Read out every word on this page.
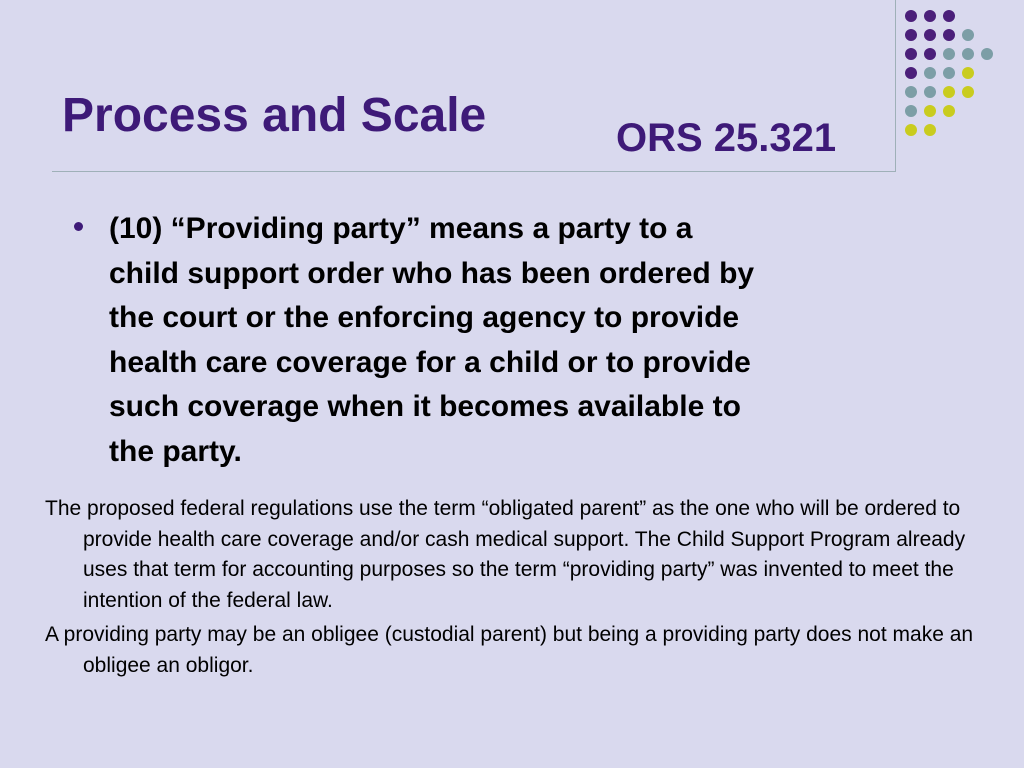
Process and Scale	ORS 25.321

(10) “Providing party” means a party to a
child support order who has been ordered by
the court or the enforcing agency to provide
health care coverage for a child or to provide
such coverage when it becomes available to
the party.

The proposed federal regulations use the term “obligated parent” as the one who will be ordered to provide health care coverage and/or cash medical support. The Child Support Program already uses that term for accounting purposes so the term “providing party” was invented to meet the intention of the federal law.

A providing party may be an obligee (custodial parent) but being a providing party does not make an obligee an obligor.
